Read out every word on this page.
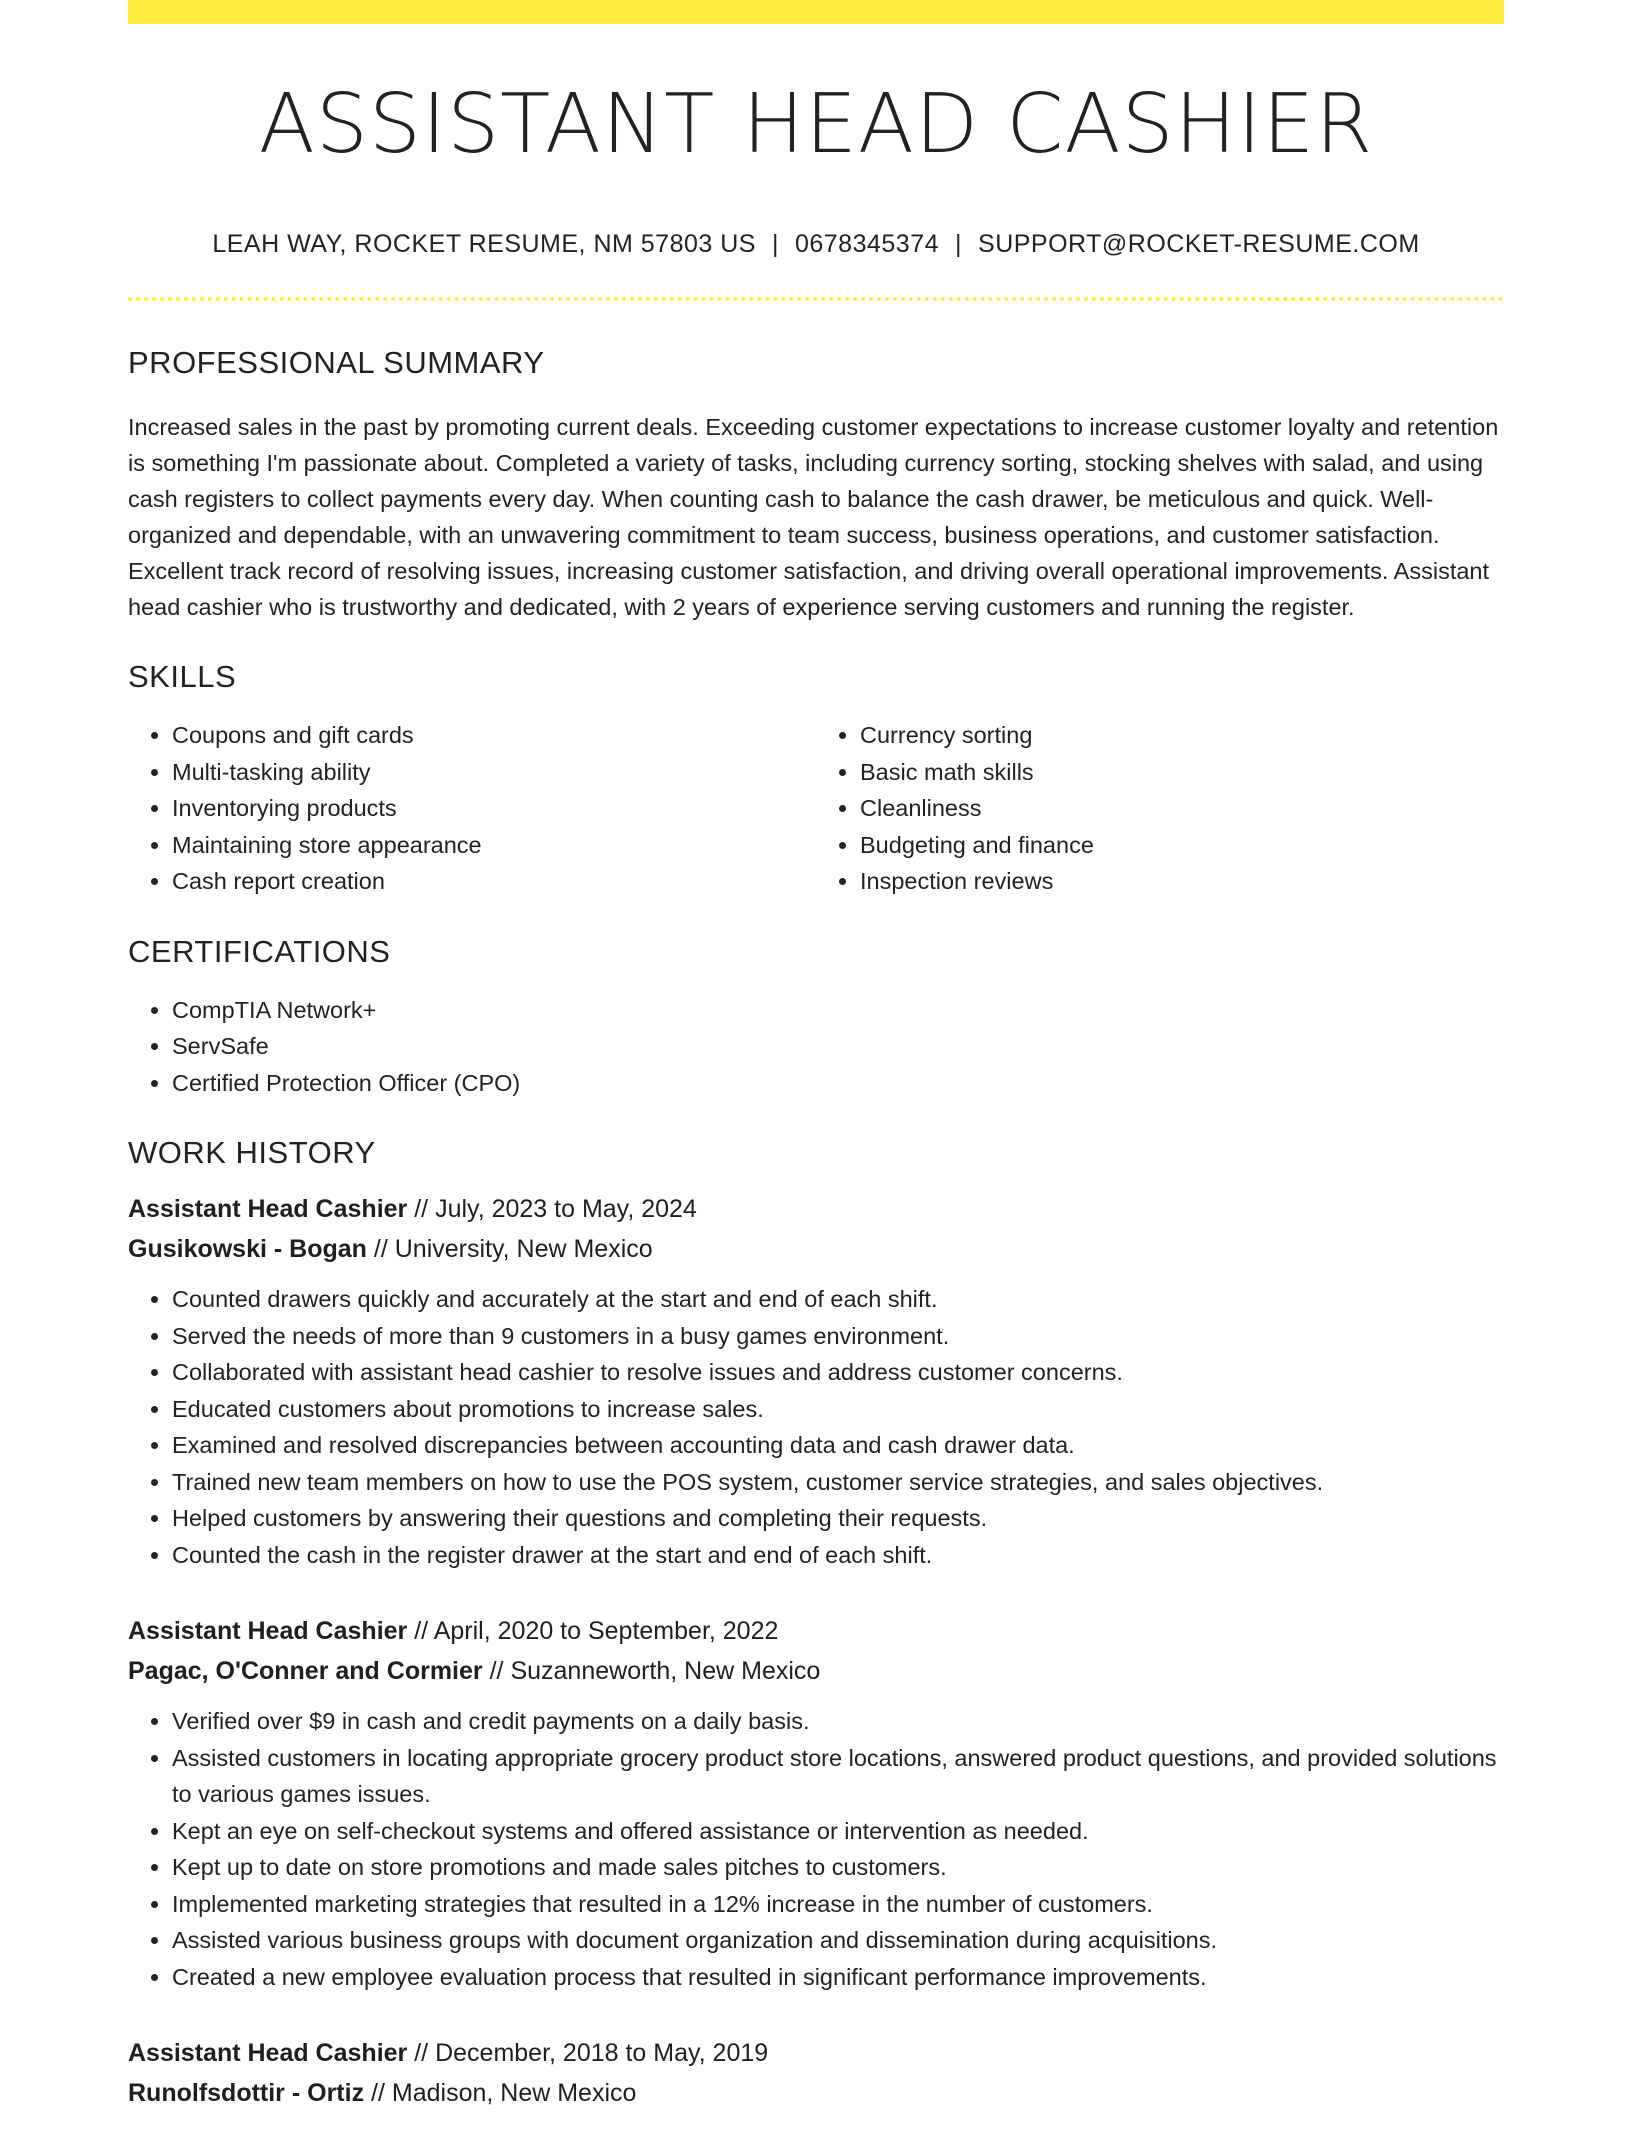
ASSISTANT HEAD CASHIER
LEAH WAY, ROCKET RESUME, NM 57803 US | 0678345374 | SUPPORT@ROCKET-RESUME.COM
PROFESSIONAL SUMMARY

Increased sales in the past by promoting current deals. Exceeding customer expectations to increase customer loyalty and retention is something I'm passionate about. Completed a variety of tasks, including currency sorting, stocking shelves with salad, and using cash registers to collect payments every day. When counting cash to balance the cash drawer, be meticulous and quick. Well-organized and dependable, with an unwavering commitment to team success, business operations, and customer satisfaction. Excellent track record of resolving issues, increasing customer satisfaction, and driving overall operational improvements. Assistant head cashier who is trustworthy and dedicated, with 2 years of experience serving customers and running the register.

SKILLS
• Coupons and gift cards
• Multi-tasking ability
• Inventorying products
• Maintaining store appearance
• Cash report creation
• Currency sorting
• Basic math skills
• Cleanliness
• Budgeting and finance
• Inspection reviews
CERTIFICATIONS
• CompTIA Network+
• ServSafe
• Certified Protection Officer (CPO)
WORK HISTORY
Assistant Head Cashier // July, 2023 to May, 2024
Gusikowski - Bogan // University, New Mexico
• Counted drawers quickly and accurately at the start and end of each shift.
• Served the needs of more than 9 customers in a busy games environment.
• Collaborated with assistant head cashier to resolve issues and address customer concerns.
• Educated customers about promotions to increase sales.
• Examined and resolved discrepancies between accounting data and cash drawer data.
• Trained new team members on how to use the POS system, customer service strategies, and sales objectives.
• Helped customers by answering their questions and completing their requests.
• Counted the cash in the register drawer at the start and end of each shift.
Assistant Head Cashier // April, 2020 to September, 2022
Pagac, O'Conner and Cormier // Suzanneworth, New Mexico
• Verified over $9 in cash and credit payments on a daily basis.
• Assisted customers in locating appropriate grocery product store locations, answered product questions, and provided solutions to various games issues.
• Kept an eye on self-checkout systems and offered assistance or intervention as needed.
• Kept up to date on store promotions and made sales pitches to customers.
• Implemented marketing strategies that resulted in a 12% increase in the number of customers.
• Assisted various business groups with document organization and dissemination during acquisitions.
• Created a new employee evaluation process that resulted in significant performance improvements.
Assistant Head Cashier // December, 2018 to May, 2019
Runolfsdottir - Ortiz // Madison, New Mexico
